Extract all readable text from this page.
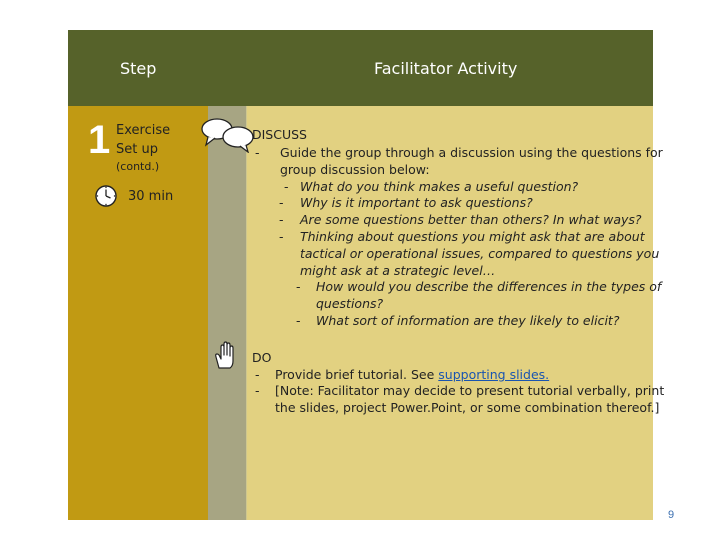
Step	Facilitator Activity
1 Exercise
Set up
(contd.)
30 min
DISCUSS
- Guide the group through a discussion using the questions for
group discussion below:
- What do you think makes a useful question?
- Why is it important to ask questions?
- Are some questions better than others? In what ways?
- Thinking about questions you might ask that are about
tactical or operational issues, compared to questions you
might ask at a strategic level…
- How would you describe the differences in the types of
questions?
- What sort of information are they likely to elicit?
DO
- Provide brief tutorial. See supporting slides.
- [Note: Facilitator may decide to present tutorial verbally, print
the slides, project Power.Point, or some combination thereof.]
9
